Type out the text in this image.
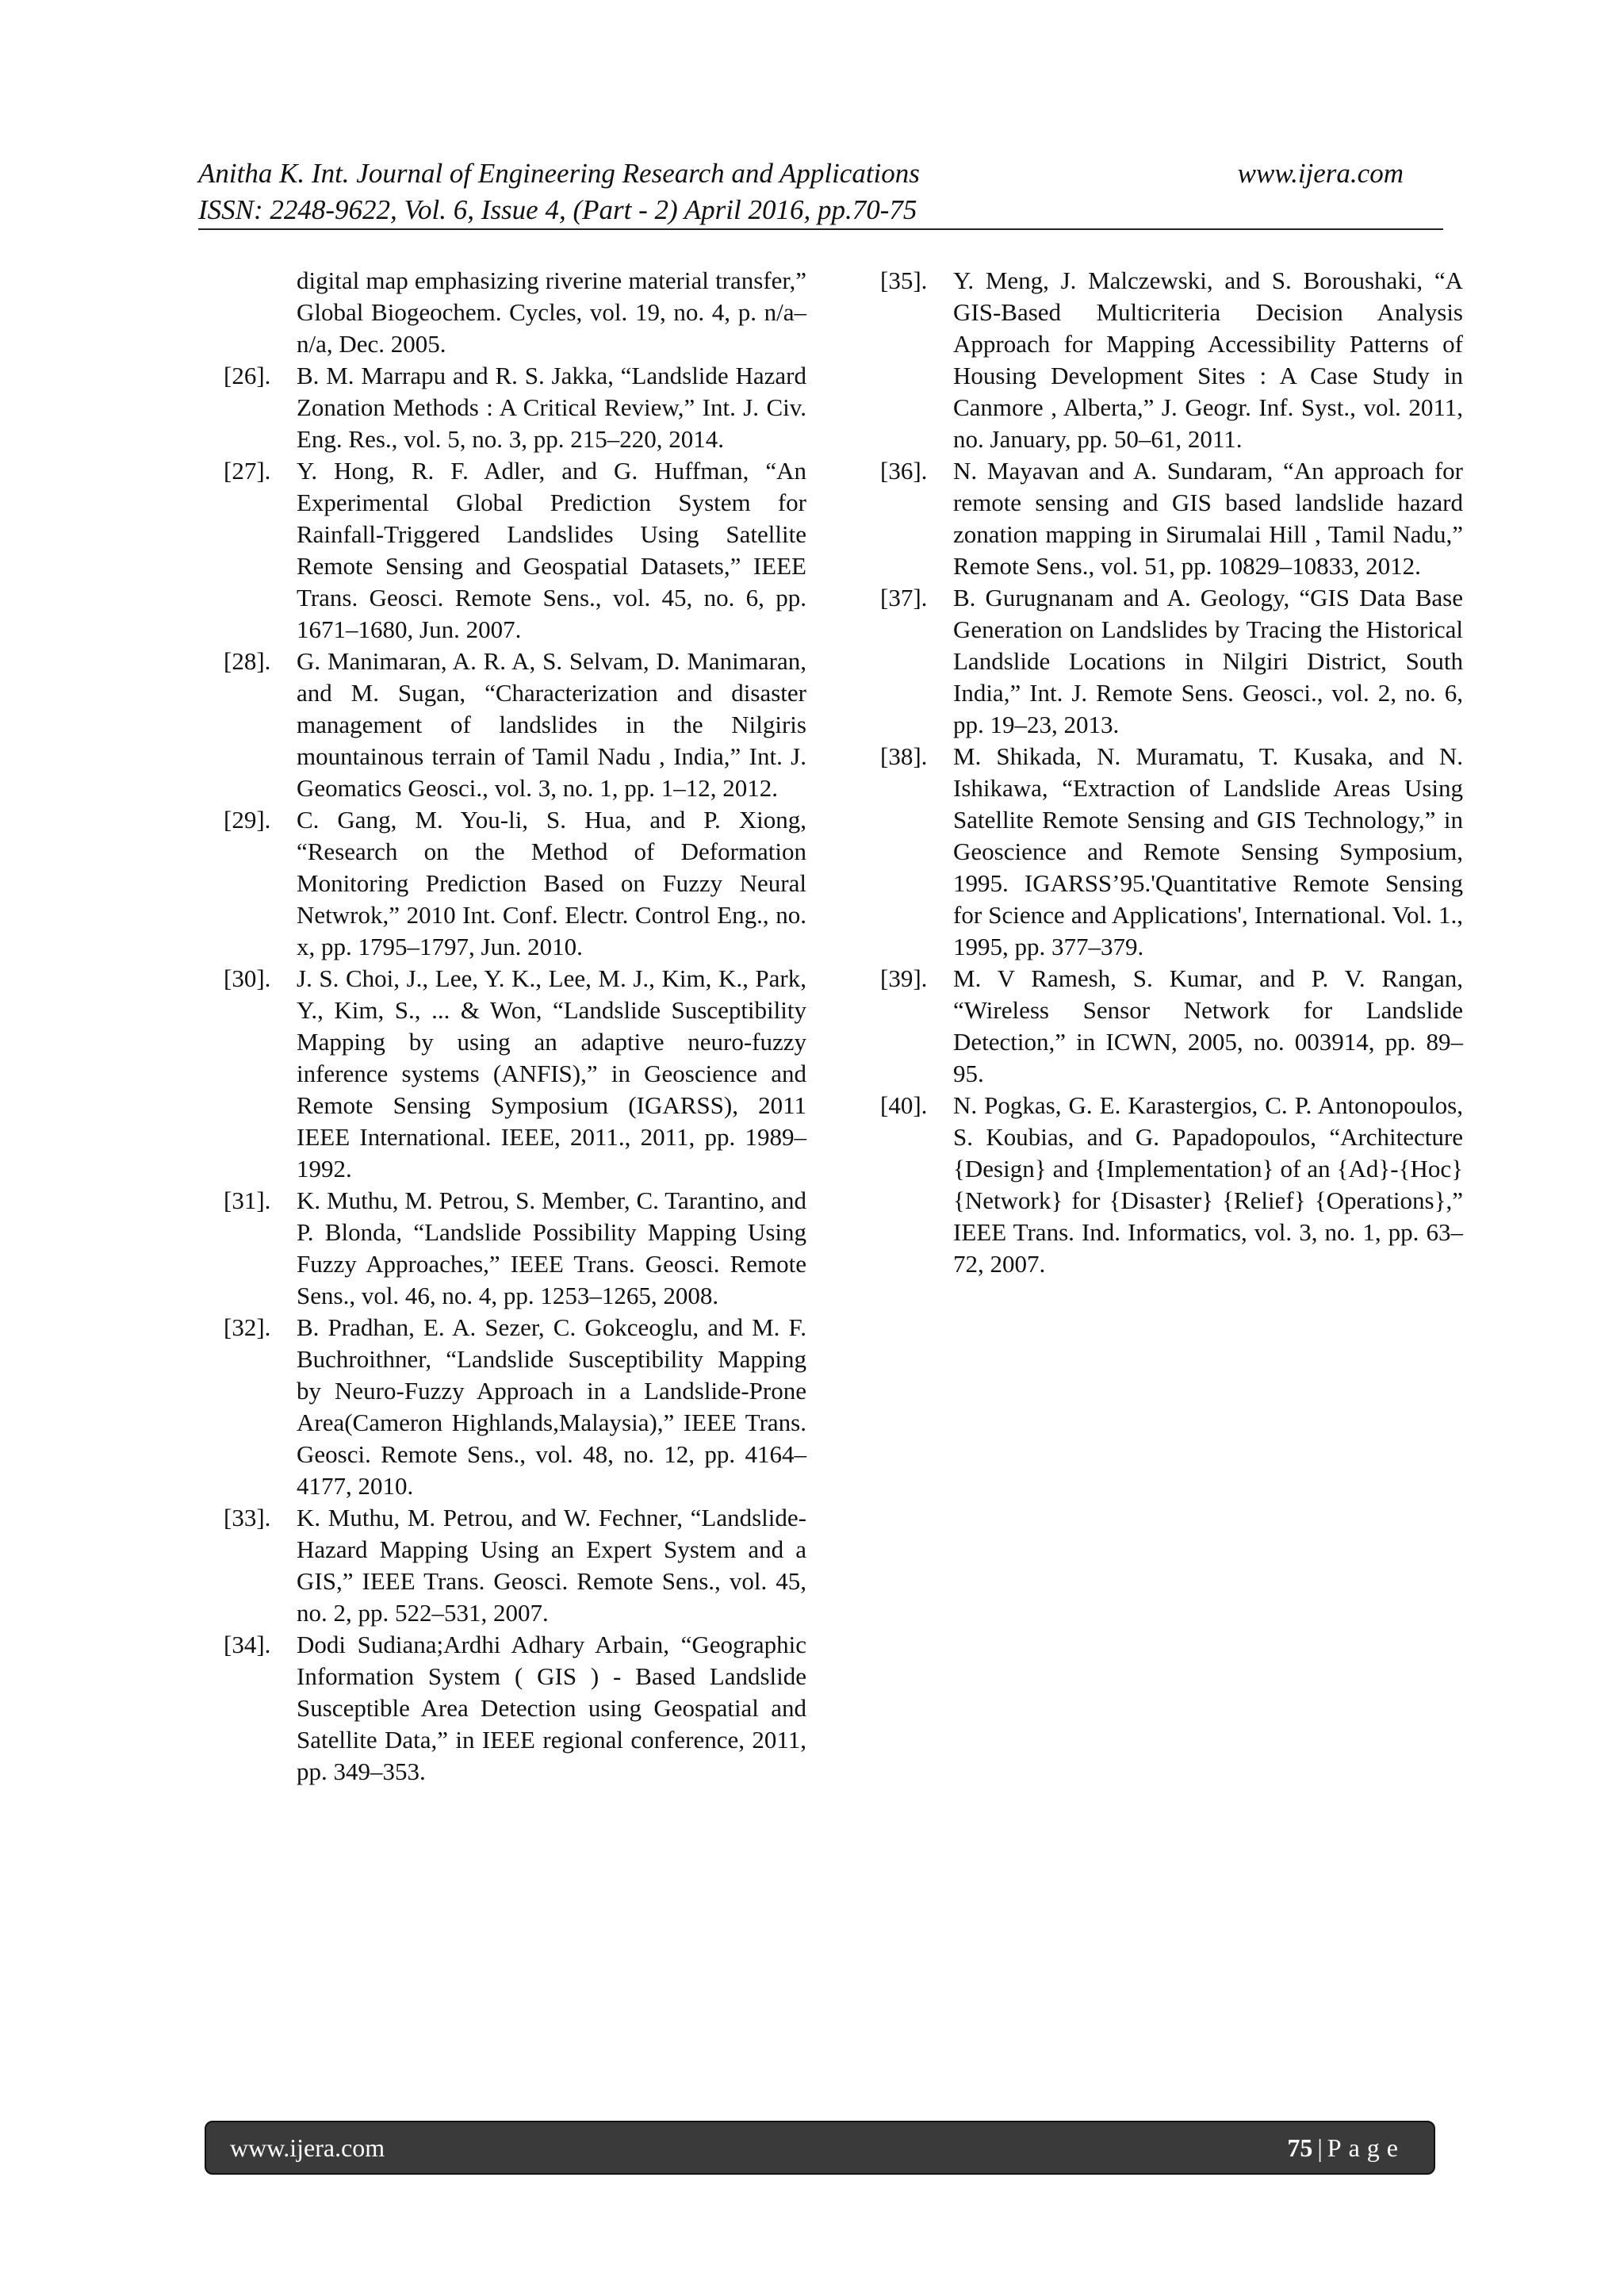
Anitha K. Int. Journal of Engineering Research and Applications	www.ijera.com
ISSN: 2248-9622, Vol. 6, Issue 4, (Part - 2) April 2016, pp.70-75
digital map emphasizing riverine material transfer,” Global Biogeochem. Cycles, vol. 19, no. 4, p. n/a–n/a, Dec. 2005.
[26].	B. M. Marrapu and R. S. Jakka, “Landslide Hazard Zonation Methods : A Critical Review,” Int. J. Civ. Eng. Res., vol. 5, no. 3, pp. 215–220, 2014.
[27].	Y. Hong, R. F. Adler, and G. Huffman, “An Experimental Global Prediction System for Rainfall-Triggered Landslides Using Satellite Remote Sensing and Geospatial Datasets,” IEEE Trans. Geosci. Remote Sens., vol. 45, no. 6, pp. 1671–1680, Jun. 2007.
[28].	G. Manimaran, A. R. A, S. Selvam, D. Manimaran, and M. Sugan, “Characterization and disaster management of landslides in the Nilgiris mountainous terrain of Tamil Nadu , India,” Int. J. Geomatics Geosci., vol. 3, no. 1, pp. 1–12, 2012.
[29].	C. Gang, M. You-li, S. Hua, and P. Xiong, “Research on the Method of Deformation Monitoring Prediction Based on Fuzzy Neural Netwrok,” 2010 Int. Conf. Electr. Control Eng., no. x, pp. 1795–1797, Jun. 2010.
[30].	J. S. Choi, J., Lee, Y. K., Lee, M. J., Kim, K., Park, Y., Kim, S., ... & Won, “Landslide Susceptibility Mapping by using an adaptive neuro-fuzzy inference systems (ANFIS),” in Geoscience and Remote Sensing Symposium (IGARSS), 2011 IEEE International. IEEE, 2011., 2011, pp. 1989–1992.
[31].	K. Muthu, M. Petrou, S. Member, C. Tarantino, and P. Blonda, “Landslide Possibility Mapping Using Fuzzy Approaches,” IEEE Trans. Geosci. Remote Sens., vol. 46, no. 4, pp. 1253–1265, 2008.
[32].	B. Pradhan, E. A. Sezer, C. Gokceoglu, and M. F. Buchroithner, “Landslide Susceptibility Mapping by Neuro-Fuzzy Approach in a Landslide-Prone Area(Cameron Highlands,Malaysia),” IEEE Trans. Geosci. Remote Sens., vol. 48, no. 12, pp. 4164–4177, 2010.
[33].	K. Muthu, M. Petrou, and W. Fechner, “Landslide-Hazard Mapping Using an Expert System and a GIS,” IEEE Trans. Geosci. Remote Sens., vol. 45, no. 2, pp. 522–531, 2007.
[34].	Dodi Sudiana;Ardhi Adhary Arbain, “Geographic Information System ( GIS ) - Based Landslide Susceptible Area Detection using Geospatial and Satellite Data,” in IEEE regional conference, 2011, pp. 349–353.
[35].	Y. Meng, J. Malczewski, and S. Boroushaki, “A GIS-Based Multicriteria Decision Analysis Approach for Mapping Accessibility Patterns of Housing Development Sites : A Case Study in Canmore , Alberta,” J. Geogr. Inf. Syst., vol. 2011, no. January, pp. 50–61, 2011.
[36].	N. Mayavan and A. Sundaram, “An approach for remote sensing and GIS based landslide hazard zonation mapping in Sirumalai Hill , Tamil Nadu,” Remote Sens., vol. 51, pp. 10829–10833, 2012.
[37].	B. Gurugnanam and A. Geology, “GIS Data Base Generation on Landslides by Tracing the Historical Landslide Locations in Nilgiri District, South India,” Int. J. Remote Sens. Geosci., vol. 2, no. 6, pp. 19–23, 2013.
[38].	M. Shikada, N. Muramatu, T. Kusaka, and N. Ishikawa, “Extraction of Landslide Areas Using Satellite Remote Sensing and GIS Technology,” in Geoscience and Remote Sensing Symposium, 1995. IGARSS’95.'Quantitative Remote Sensing for Science and Applications', International. Vol. 1., 1995, pp. 377–379.
[39].	M. V Ramesh, S. Kumar, and P. V. Rangan, “Wireless Sensor Network for Landslide Detection,” in ICWN, 2005, no. 003914, pp. 89–95.
[40].	N. Pogkas, G. E. Karastergios, C. P. Antonopoulos, S. Koubias, and G. Papadopoulos, “Architecture {Design} and {Implementation} of an {Ad}-{Hoc} {Network} for {Disaster} {Relief} {Operations},” IEEE Trans. Ind. Informatics, vol. 3, no. 1, pp. 63–72, 2007.
www.ijera.com	75 | Page
